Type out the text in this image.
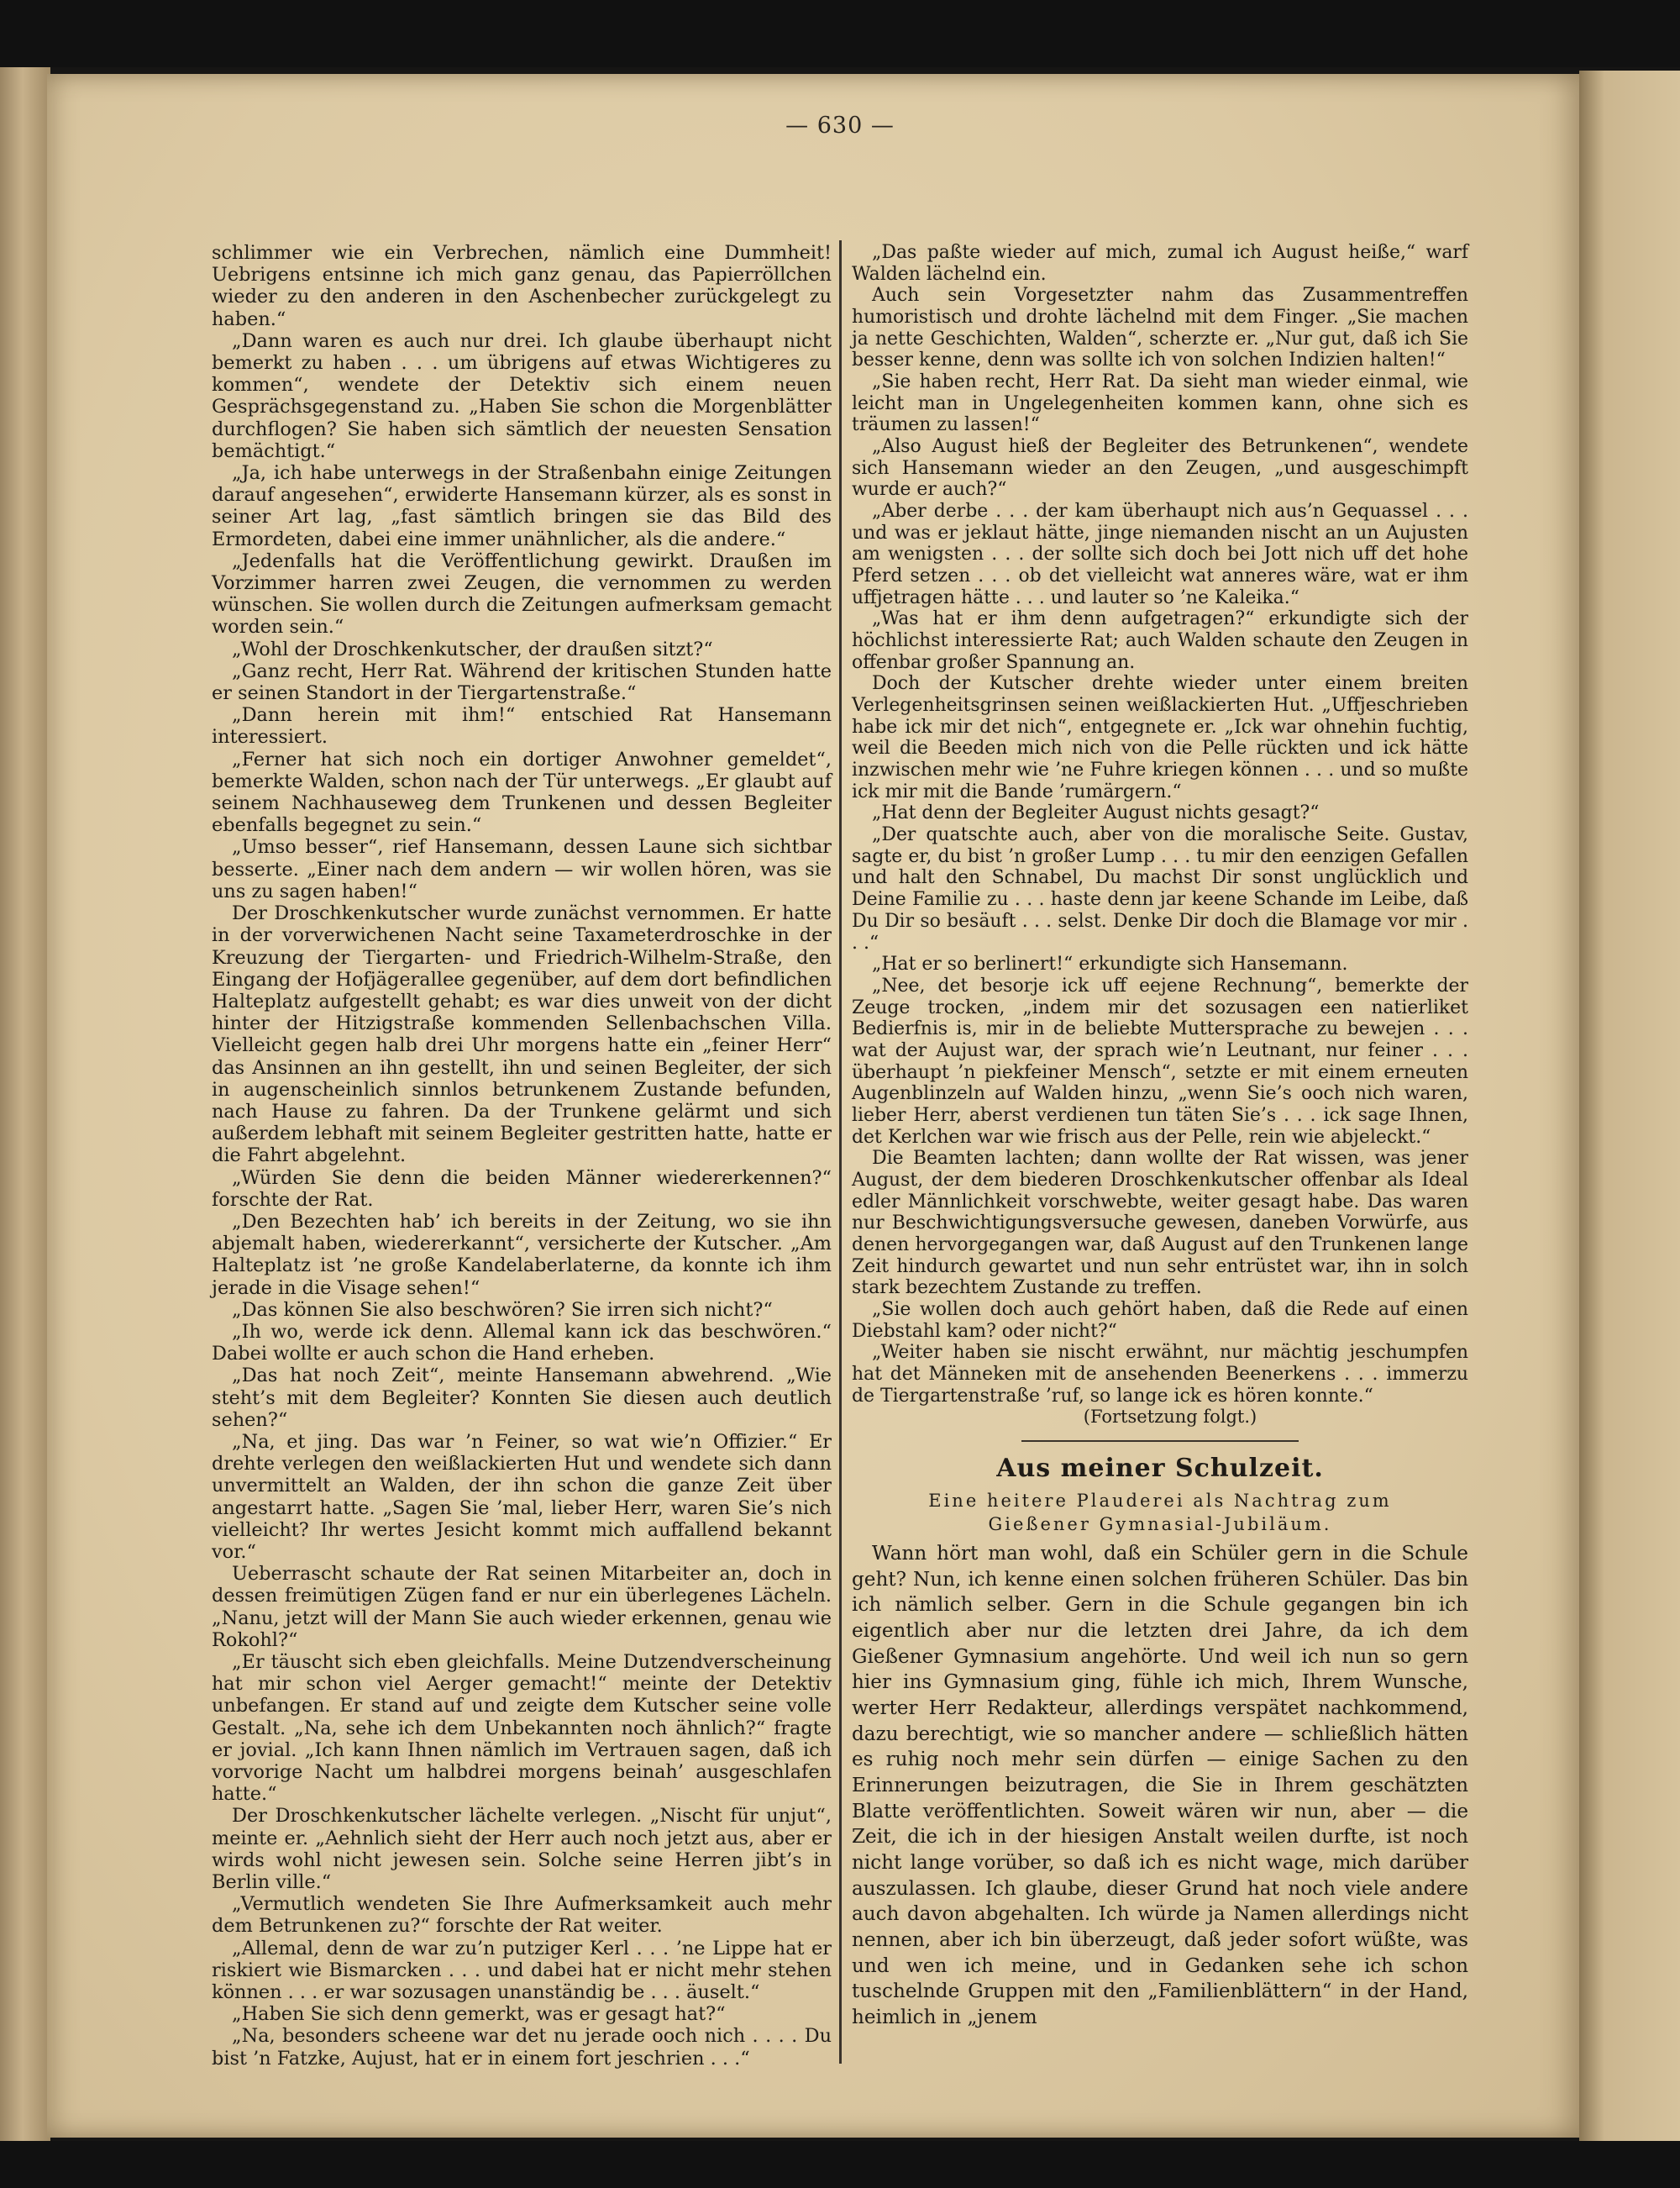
— 630 —

schlimmer wie ein Verbrechen, nämlich eine Dummheit! Uebrigens entsinne ich mich ganz genau, das Papierröllchen wieder zu den anderen in den Aschenbecher zurückgelegt zu haben.“

„Dann waren es auch nur drei. Ich glaube überhaupt nicht bemerkt zu haben . . . um übrigens auf etwas Wichtigeres zu kommen“, wendete der Detektiv sich einem neuen Gesprächsgegenstand zu. „Haben Sie schon die Morgenblätter durchflogen? Sie haben sich sämtlich der neuesten Sensation bemächtigt.“

„Ja, ich habe unterwegs in der Straßenbahn einige Zeitungen darauf angesehen“, erwiderte Hansemann kürzer, als es sonst in seiner Art lag, „fast sämtlich bringen sie das Bild des Ermordeten, dabei eine immer unähnlicher, als die andere.“

„Jedenfalls hat die Veröffentlichung gewirkt. Draußen im Vorzimmer harren zwei Zeugen, die vernommen zu werden wünschen. Sie wollen durch die Zeitungen aufmerksam gemacht worden sein.“

„Wohl der Droschkenkutscher, der draußen sitzt?“

„Ganz recht, Herr Rat. Während der kritischen Stunden hatte er seinen Standort in der Tiergartenstraße.“

„Dann herein mit ihm!“ entschied Rat Hansemann interessiert.

„Ferner hat sich noch ein dortiger Anwohner gemeldet“, bemerkte Walden, schon nach der Tür unterwegs. „Er glaubt auf seinem Nachhauseweg dem Trunkenen und dessen Begleiter ebenfalls begegnet zu sein.“

„Umso besser“, rief Hansemann, dessen Laune sich sichtbar besserte. „Einer nach dem andern — wir wollen hören, was sie uns zu sagen haben!“

Der Droschkenkutscher wurde zunächst vernommen. Er hatte in der vorverwichenen Nacht seine Taxameterdroschke in der Kreuzung der Tiergarten- und Friedrich-Wilhelm-Straße, den Eingang der Hofjägerallee gegenüber, auf dem dort befindlichen Halteplatz aufgestellt gehabt; es war dies unweit von der dicht hinter der Hitzigstraße kommenden Sellenbachschen Villa. Vielleicht gegen halb drei Uhr morgens hatte ein „feiner Herr“ das Ansinnen an ihn gestellt, ihn und seinen Begleiter, der sich in augenscheinlich sinnlos betrunkenem Zustande befunden, nach Hause zu fahren. Da der Trunkene gelärmt und sich außerdem lebhaft mit seinem Begleiter gestritten hatte, hatte er die Fahrt abgelehnt.

„Würden Sie denn die beiden Männer wiedererkennen?“ forschte der Rat.

„Den Bezechten hab’ ich bereits in der Zeitung, wo sie ihn abjemalt haben, wiedererkannt“, versicherte der Kutscher. „Am Halteplatz ist ’ne große Kandelaberlaterne, da konnte ich ihm jerade in die Visage sehen!“

„Das können Sie also beschwören? Sie irren sich nicht?“

„Ih wo, werde ick denn. Allemal kann ick das beschwören.“ Dabei wollte er auch schon die Hand erheben.

„Das hat noch Zeit“, meinte Hansemann abwehrend. „Wie steht’s mit dem Begleiter? Konnten Sie diesen auch deutlich sehen?“

„Na, et jing. Das war ’n Feiner, so wat wie’n Offizier.“ Er drehte verlegen den weißlackierten Hut und wendete sich dann unvermittelt an Walden, der ihn schon die ganze Zeit über angestarrt hatte. „Sagen Sie ’mal, lieber Herr, waren Sie’s nich vielleicht? Ihr wertes Jesicht kommt mich auffallend bekannt vor.“

Ueberrascht schaute der Rat seinen Mitarbeiter an, doch in dessen freimütigen Zügen fand er nur ein überlegenes Lächeln. „Nanu, jetzt will der Mann Sie auch wieder erkennen, genau wie Rokohl?“

„Er täuscht sich eben gleichfalls. Meine Dutzendverscheinung hat mir schon viel Aerger gemacht!“ meinte der Detektiv unbefangen. Er stand auf und zeigte dem Kutscher seine volle Gestalt. „Na, sehe ich dem Unbekannten noch ähnlich?“ fragte er jovial. „Ich kann Ihnen nämlich im Vertrauen sagen, daß ich vorvorige Nacht um halbdrei morgens beinah’ ausgeschlafen hatte.“

Der Droschkenkutscher lächelte verlegen. „Nischt für unjut“, meinte er. „Aehnlich sieht der Herr auch noch jetzt aus, aber er wirds wohl nicht jewesen sein. Solche seine Herren jibt’s in Berlin ville.“

„Vermutlich wendeten Sie Ihre Aufmerksamkeit auch mehr dem Betrunkenen zu?“ forschte der Rat weiter.

„Allemal, denn de war zu’n putziger Kerl . . . ’ne Lippe hat er riskiert wie Bismarcken . . . und dabei hat er nicht mehr stehen können . . . er war sozusagen unanständig be . . . äuselt.“

„Haben Sie sich denn gemerkt, was er gesagt hat?“

„Na, besonders scheene war det nu jerade ooch nich . . . . Du bist ’n Fatzke, Aujust, hat er in einem fort jeschrien . . .“

„Das paßte wieder auf mich, zumal ich August heiße,“ warf Walden lächelnd ein.

Auch sein Vorgesetzter nahm das Zusammentreffen humoristisch und drohte lächelnd mit dem Finger. „Sie machen ja nette Geschichten, Walden“, scherzte er. „Nur gut, daß ich Sie besser kenne, denn was sollte ich von solchen Indizien halten!“

„Sie haben recht, Herr Rat. Da sieht man wieder einmal, wie leicht man in Ungelegenheiten kommen kann, ohne sich es träumen zu lassen!“

„Also August hieß der Begleiter des Betrunkenen“, wendete sich Hansemann wieder an den Zeugen, „und ausgeschimpft wurde er auch?“

„Aber derbe . . . der kam überhaupt nich aus’n Gequassel . . . und was er jeklaut hätte, jinge niemanden nischt an un Aujusten am wenigsten . . . der sollte sich doch bei Jott nich uff det hohe Pferd setzen . . . ob det vielleicht wat anneres wäre, wat er ihm uffjetragen hätte . . . und lauter so ’ne Kaleika.“

„Was hat er ihm denn aufgetragen?“ erkundigte sich der höchlichst interessierte Rat; auch Walden schaute den Zeugen in offenbar großer Spannung an.

Doch der Kutscher drehte wieder unter einem breiten Verlegenheitsgrinsen seinen weißlackierten Hut. „Uffjeschrieben habe ick mir det nich“, entgegnete er. „Ick war ohnehin fuchtig, weil die Beeden mich nich von die Pelle rückten und ick hätte inzwischen mehr wie ’ne Fuhre kriegen können . . . und so mußte ick mir mit die Bande ’rumärgern.“

„Hat denn der Begleiter August nichts gesagt?“

„Der quatschte auch, aber von die moralische Seite. Gustav, sagte er, du bist ’n großer Lump . . . tu mir den eenzigen Gefallen und halt den Schnabel, Du machst Dir sonst unglücklich und Deine Familie zu . . . haste denn jar keene Schande im Leibe, daß Du Dir so besäuft . . . selst. Denke Dir doch die Blamage vor mir . . .“

„Hat er so berlinert!“ erkundigte sich Hansemann.

„Nee, det besorje ick uff eejene Rechnung“, bemerkte der Zeuge trocken, „indem mir det sozusagen een natierliket Bedierfnis is, mir in de beliebte Muttersprache zu bewejen . . . wat der Aujust war, der sprach wie’n Leutnant, nur feiner . . . überhaupt ’n piekfeiner Mensch“, setzte er mit einem erneuten Augenblinzeln auf Walden hinzu, „wenn Sie’s ooch nich waren, lieber Herr, aberst verdienen tun täten Sie’s . . . ick sage Ihnen, det Kerlchen war wie frisch aus der Pelle, rein wie abjeleckt.“

Die Beamten lachten; dann wollte der Rat wissen, was jener August, der dem biederen Droschkenkutscher offenbar als Ideal edler Männlichkeit vorschwebte, weiter gesagt habe. Das waren nur Beschwichtigungsversuche gewesen, daneben Vorwürfe, aus denen hervorgegangen war, daß August auf den Trunkenen lange Zeit hindurch gewartet und nun sehr entrüstet war, ihn in solch stark bezechtem Zustande zu treffen.

„Sie wollen doch auch gehört haben, daß die Rede auf einen Diebstahl kam? oder nicht?“

„Weiter haben sie nischt erwähnt, nur mächtig jeschumpfen hat det Männeken mit de ansehenden Beenerkens . . . immerzu de Tiergartenstraße ’ruf, so lange ick es hören konnte.“

(Fortsetzung folgt.)

Aus meiner Schulzeit.
Eine heitere Plauderei als Nachtrag zum
Gießener Gymnasial-Jubiläum.

Wann hört man wohl, daß ein Schüler gern in die Schule geht? Nun, ich kenne einen solchen früheren Schüler. Das bin ich nämlich selber. Gern in die Schule gegangen bin ich eigentlich aber nur die letzten drei Jahre, da ich dem Gießener Gymnasium angehörte. Und weil ich nun so gern hier ins Gymnasium ging, fühle ich mich, Ihrem Wunsche, werter Herr Redakteur, allerdings verspätet nachkommend, dazu berechtigt, wie so mancher andere — schließlich hätten es ruhig noch mehr sein dürfen — einige Sachen zu den Erinnerungen beizutragen, die Sie in Ihrem geschätzten Blatte veröffentlichten. Soweit wären wir nun, aber — die Zeit, die ich in der hiesigen Anstalt weilen durfte, ist noch nicht lange vorüber, so daß ich es nicht wage, mich darüber auszulassen. Ich glaube, dieser Grund hat noch viele andere auch davon abgehalten. Ich würde ja Namen allerdings nicht nennen, aber ich bin überzeugt, daß jeder sofort wüßte, was und wen ich meine, und in Gedanken sehe ich schon tuschelnde Gruppen mit den „Familienblättern“ in der Hand, heimlich in „jenem
